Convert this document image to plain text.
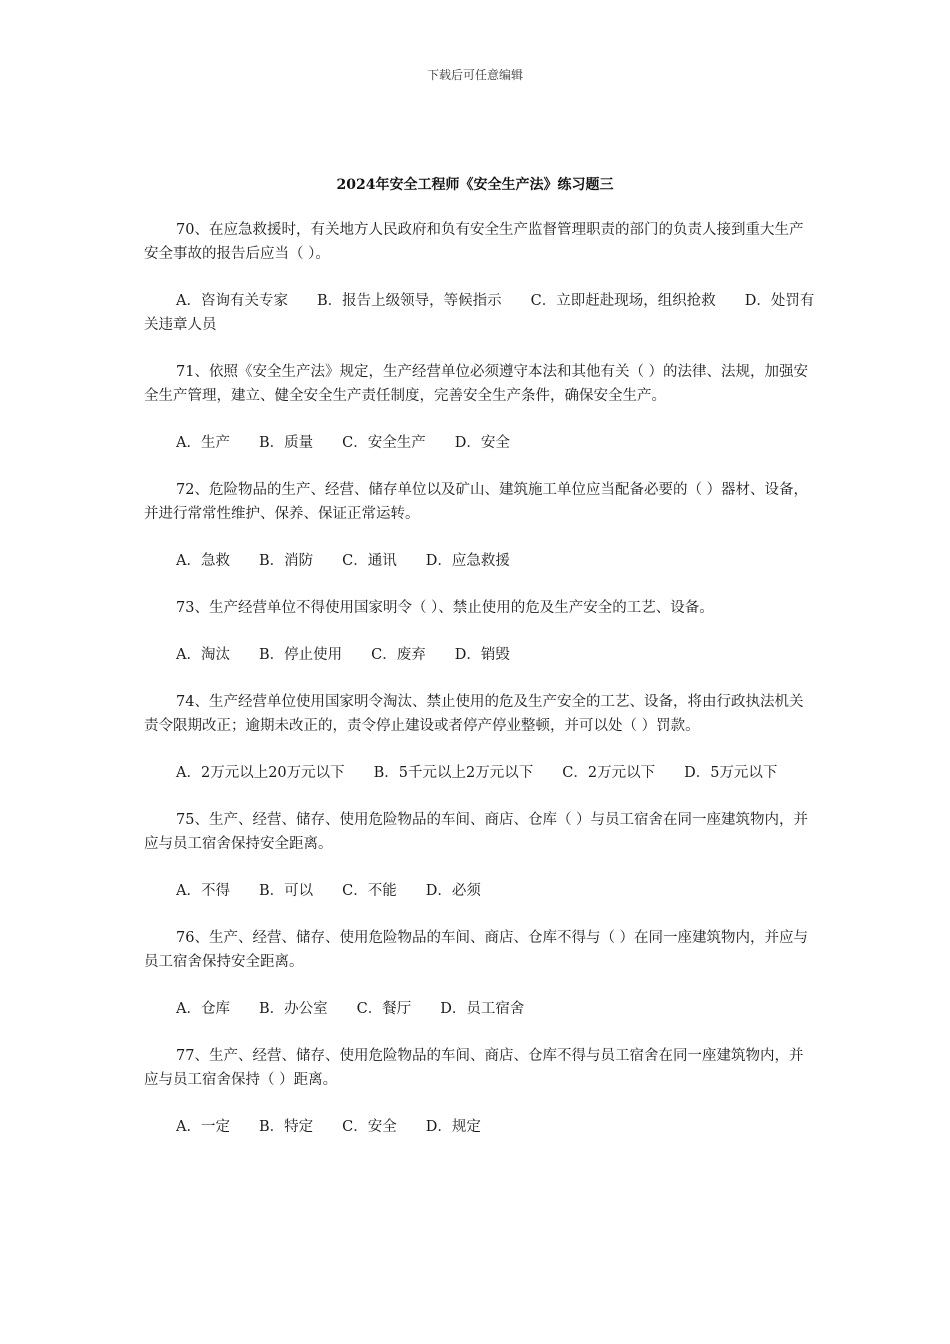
下载后可任意编辑
2024年安全工程师《安全生产法》练习题三

70、在应急救援时，有关地方人民政府和负有安全生产监督管理职责的部门的负责人接到重大生产安全事故的报告后应当（ ）。

A．咨询有关专家　　B．报告上级领导，等候指示　　C．立即赶赴现场，组织抢救　　D．处罚有关违章人员

71、依照《安全生产法》规定，生产经营单位必须遵守本法和其他有关（ ）的法律、法规，加强安全生产管理，建立、健全安全生产责任制度，完善安全生产条件，确保安全生产。

A．生产　　B．质量　　C．安全生产　　D．安全

72、危险物品的生产、经营、储存单位以及矿山、建筑施工单位应当配备必要的（ ）器材、设备，并进行常常性维护、保养、保证正常运转。

A．急救　　B．消防　　C．通讯　　D．应急救援

73、生产经营单位不得使用国家明令（ ）、禁止使用的危及生产安全的工艺、设备。

A．淘汰　　B．停止使用　　C．废弃　　D．销毁

74、生产经营单位使用国家明令淘汰、禁止使用的危及生产安全的工艺、设备，将由行政执法机关责令限期改正；逾期未改正的，责令停止建设或者停产停业整顿，并可以处（ ）罚款。

A．2万元以上20万元以下　　B．5千元以上2万元以下　　C．2万元以下　　D．5万元以下

75、生产、经营、储存、使用危险物品的车间、商店、仓库（ ）与员工宿舍在同一座建筑物内，并应与员工宿舍保持安全距离。

A．不得　　B．可以　　C．不能　　D．必须

76、生产、经营、储存、使用危险物品的车间、商店、仓库不得与（ ）在同一座建筑物内，并应与员工宿舍保持安全距离。

A．仓库　　B．办公室　　C．餐厅　　D．员工宿舍

77、生产、经营、储存、使用危险物品的车间、商店、仓库不得与员工宿舍在同一座建筑物内，并应与员工宿舍保持（ ）距离。

A．一定　　B．特定　　C．安全　　D．规定
